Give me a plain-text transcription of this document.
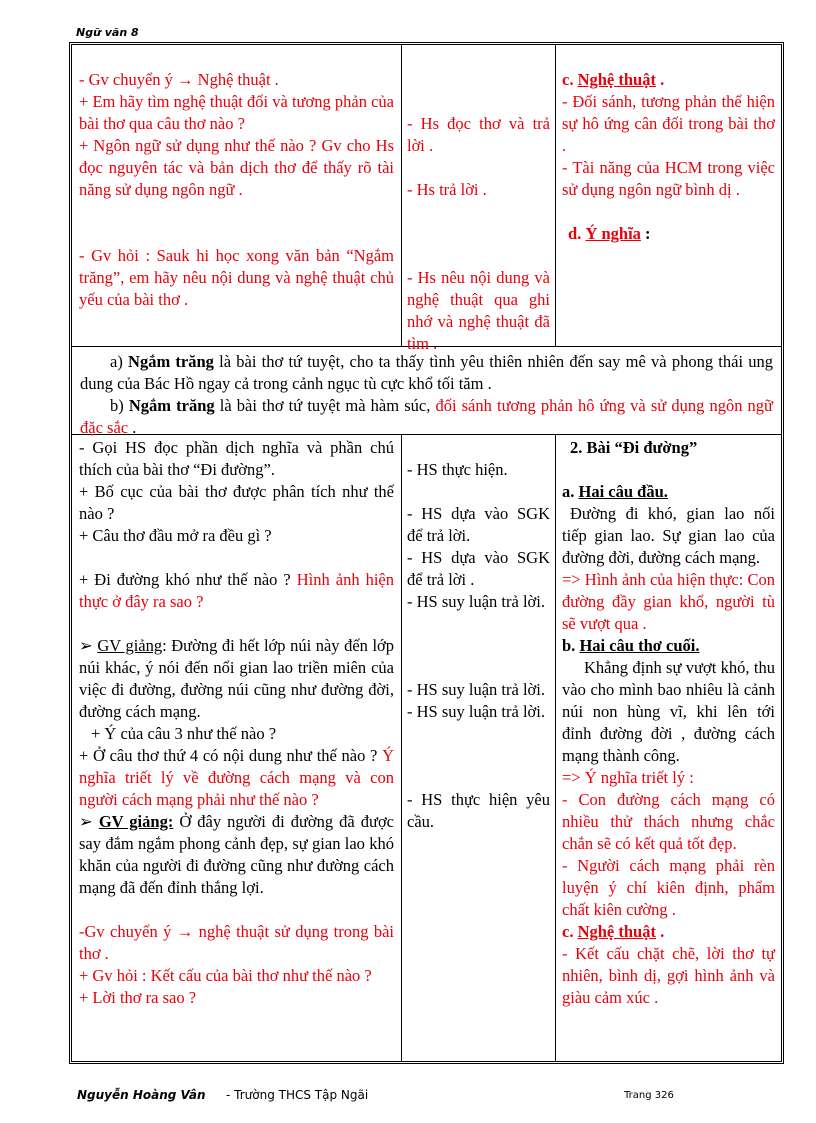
Ngữ văn 8

- Gv chuyển ý → Nghệ thuật .

+ Em hãy tìm nghệ thuật đối và tương phản của bài thơ qua câu thơ nào ?

+ Ngôn ngữ sử dụng như thế nào ? Gv cho Hs đọc nguyên tác và bản dịch thơ để thấy rõ tài năng sử dụng ngôn ngữ .

- Gv hỏi : Sauk hi học xong văn bản “Ngắm trăng”, em hãy nêu nội dung và nghệ thuật chủ yếu của bài thơ .

- Hs đọc thơ và trả lời .

- Hs trả lời .

- Hs nêu nội dung và nghệ thuật qua ghi nhớ và nghệ thuật đã tìm .

c. Nghệ thuật .

- Đối sánh, tương phản thể hiện sự hô ứng cân đối trong bài thơ .

- Tài năng của HCM trong việc sử dụng ngôn ngữ bình dị .

d. Ý nghĩa :

a) Ngắm trăng là bài thơ tứ tuyệt, cho ta thấy tình yêu thiên nhiên đến say mê và phong thái ung dung của Bác Hồ ngay cả trong cảnh ngục tù cực khổ tối tăm .

b) Ngắm trăng là bài thơ tứ tuyệt mà hàm súc, đối sánh tương phản hô ứng và sử dụng ngôn ngữ đặc sắc .

- Gọi HS đọc phần dịch nghĩa và phần chú thích của bài thơ “Đi đường”.

+ Bố cục của bài thơ được phân tích như thế nào ?

+ Câu thơ đầu mở ra đều gì ?

+ Đi đường khó như thế nào ? Hình ảnh hiện thực ở đây ra sao ?

➢ GV giảng: Đường đi hết lớp núi này đến lớp núi khác, ý nói đến nổi gian lao triền miên của việc đi đường, đường núi cũng như đường đời, đường cách mạng.

+ Ý của câu 3 như thế nào ?

+ Ở câu thơ thứ 4 có nội dung như thế nào ? Ý nghĩa triết lý về đường cách mạng và con người cách mạng phải như thế nào ?

➢ GV giảng: Ở đây người đi đường đã được say đắm ngắm phong cảnh đẹp, sự gian lao khó khăn của người đi đường cũng như đường cách mạng đã đến đỉnh thắng lợi.

-Gv chuyển ý → nghệ thuật sử dụng trong bài thơ .

+ Gv hỏi : Kết cấu của bài thơ như thế nào ?

+ Lời thơ ra sao ?

- HS thực hiện.

- HS dựa vào SGK để trả lời.

- HS dựa vào SGK để trả lời .

- HS suy luận trả lời.

- HS suy luận trả lời.

- HS suy luận trả lời.

- HS thực hiện yêu cầu.

2. Bài “Đi đường”

a. Hai câu đầu.

Đường đi khó, gian lao nối tiếp gian lao. Sự gian lao của đường đời, đường cách mạng.

=> Hình ảnh của hiện thực: Con đường đầy gian khổ, người tù sẽ vượt qua .

b. Hai câu thơ cuối.

Khẳng định sự vượt khó, thu vào cho mình bao nhiêu là cảnh núi non hùng vĩ, khi lên tới đỉnh đường đời , đường cách mạng thành công.

=> Ý nghĩa triết lý :

- Con đường cách mạng có nhiều thử thách nhưng chắc chắn sẽ có kết quả tốt đẹp.

- Người cách mạng phải rèn luyện ý chí kiên định, phẩm chất kiên cường .

c. Nghệ thuật .

- Kết cấu chặt chẽ, lời thơ tự nhiên, bình dị, gợi hình ảnh và giàu cảm xúc .

Nguyễn Hoàng Vân - Trường THCS Tập Ngãi	Trang 326
